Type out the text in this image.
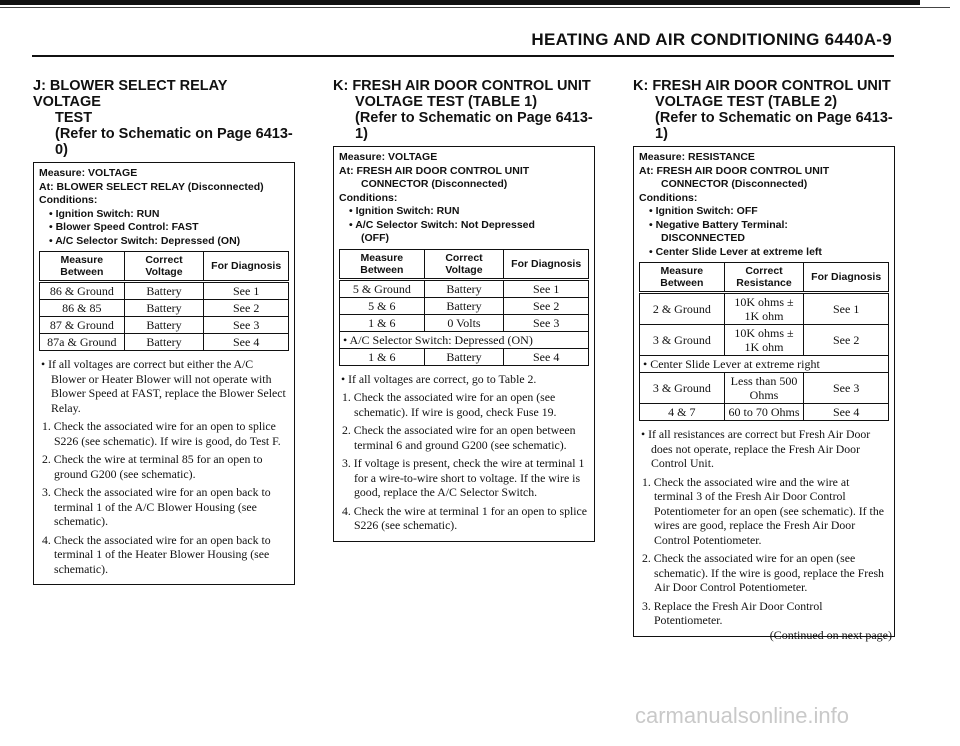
HEATING AND AIR CONDITIONING 6440A-9
J: BLOWER SELECT RELAY VOLTAGE

TEST
(Refer to Schematic on Page 6413-0)
Measure: VOLTAGE
At: BLOWER SELECT RELAY (Disconnected)
Conditions:
• Ignition Switch: RUN
• Blower Speed Control: FAST
• A/C Selector Switch: Depressed (ON)
Measure Between	Correct Voltage	For Diagnosis
86 & Ground	Battery	See 1
86 & 85	Battery	See 2
87 & Ground	Battery	See 3
87a & Ground	Battery	See 4
• If all voltages are correct but either the A/C Blower or Heater Blower will not operate with Blower Speed at FAST, replace the Blower Select Relay.
1. Check the associated wire for an open to splice S226 (see schematic). If wire is good, do Test F.
2. Check the wire at terminal 85 for an open to ground G200 (see schematic).
3. Check the associated wire for an open back to terminal 1 of the A/C Blower Housing (see schematic).
4. Check the associated wire for an open back to terminal 1 of the Heater Blower Housing (see schematic).
K: FRESH AIR DOOR CONTROL UNIT

VOLTAGE TEST (TABLE 1)
(Refer to Schematic on Page 6413-1)
Measure: VOLTAGE
At: FRESH AIR DOOR CONTROL UNIT
CONNECTOR (Disconnected)
Conditions:
• Ignition Switch: RUN
• A/C Selector Switch: Not Depressed
(OFF)
Measure Between	Correct Voltage	For Diagnosis
5 & Ground	Battery	See 1
5 & 6	Battery	See 2
1 & 6	0 Volts	See 3
• A/C Selector Switch: Depressed (ON)		
1 & 6	Battery	See 4
• If all voltages are correct, go to Table 2.
1. Check the associated wire for an open (see schematic). If wire is good, check Fuse 19.
2. Check the associated wire for an open between terminal 6 and ground G200 (see schematic).
3. If voltage is present, check the wire at terminal 1 for a wire-to-wire short to voltage. If the wire is good, replace the A/C Selector Switch.
4. Check the wire at terminal 1 for an open to splice S226 (see schematic).
K: FRESH AIR DOOR CONTROL UNIT

VOLTAGE TEST (TABLE 2)
(Refer to Schematic on Page 6413-1)
Measure: RESISTANCE
At: FRESH AIR DOOR CONTROL UNIT
CONNECTOR (Disconnected)
Conditions:
• Ignition Switch: OFF
• Negative Battery Terminal:
DISCONNECTED
• Center Slide Lever at extreme left
Measure Between	Correct Resistance	For Diagnosis
2 & Ground	10K ohms ± 1K ohm	See 1
3 & Ground	10K ohms ± 1K ohm	See 2
• Center Slide Lever at extreme right		
3 & Ground	Less than 500 Ohms	See 3
4 & 7	60 to 70 Ohms	See 4
• If all resistances are correct but Fresh Air Door does not operate, replace the Fresh Air Door Control Unit.
1. Check the associated wire and the wire at terminal 3 of the Fresh Air Door Control Potentiometer for an open (see schematic). If the wires are good, replace the Fresh Air Door Control Potentiometer.
2. Check the associated wire for an open (see schematic). If the wire is good, replace the Fresh Air Door Control Potentiometer.
3. Replace the Fresh Air Door Control Potentiometer.
(Continued on next page)
carmanualsonline.info
